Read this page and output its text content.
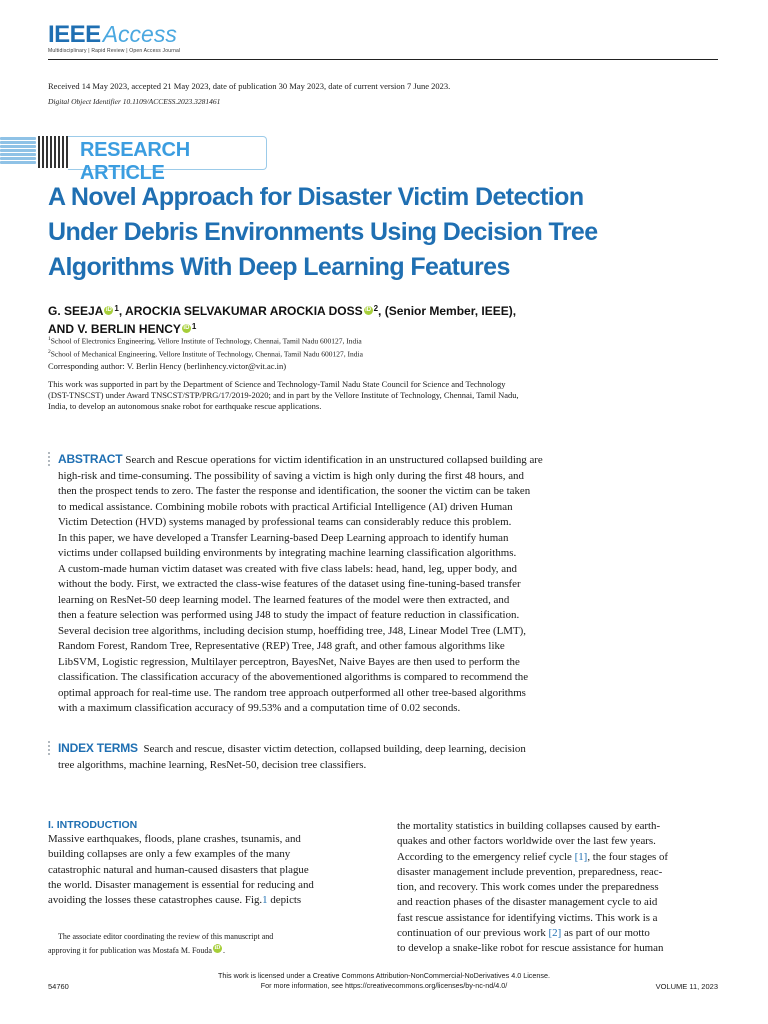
IEEEAccess
Multidisciplinary | Rapid Review | Open Access Journal
Received 14 May 2023, accepted 21 May 2023, date of publication 30 May 2023, date of current version 7 June 2023.
Digital Object Identifier 10.1109/ACCESS.2023.3281461
RESEARCH ARTICLE
A Novel Approach for Disaster Victim Detection
Under Debris Environments Using Decision Tree
Algorithms With Deep Learning Features
G. SEEJA iD $^1$, AROCKIA SELVAKUMAR AROCKIA DOSS iD $^2$, (Senior Member, IEEE),
AND V. BERLIN HENCY iD $^1$
$^1$School of Electronics Engineering, Vellore Institute of Technology, Chennai, Tamil Nadu 600127, India
$^2$School of Mechanical Engineering, Vellore Institute of Technology, Chennai, Tamil Nadu 600127, India
Corresponding author: V. Berlin Hency (berlinhency.victor@vit.ac.in)
This work was supported in part by the Department of Science and Technology-Tamil Nadu State Council for Science and Technology
(DST-TNSCST) under Award TNSCST/STP/PRG/17/2019-2020; and in part by the Vellore Institute of Technology, Chennai, Tamil Nadu,
India, to develop an autonomous snake robot for earthquake rescue applications.
ABSTRACT Search and Rescue operations for victim identification in an unstructured collapsed building are
high-risk and time-consuming. The possibility of saving a victim is high only during the first 48 hours, and
then the prospect tends to zero. The faster the response and identification, the sooner the victim can be taken
to medical assistance. Combining mobile robots with practical Artificial Intelligence (AI) driven Human
Victim Detection (HVD) systems managed by professional teams can considerably reduce this problem.
In this paper, we have developed a Transfer Learning-based Deep Learning approach to identify human
victims under collapsed building environments by integrating machine learning classification algorithms.
A custom-made human victim dataset was created with five class labels: head, hand, leg, upper body, and
without the body. First, we extracted the class-wise features of the dataset using fine-tuning-based transfer
learning on ResNet-50 deep learning model. The learned features of the model were then extracted, and
then a feature selection was performed using J48 to study the impact of feature reduction in classification.
Several decision tree algorithms, including decision stump, hoeffiding tree, J48, Linear Model Tree (LMT),
Random Forest, Random Tree, Representative (REP) Tree, J48 graft, and other famous algorithms like
LibSVM, Logistic regression, Multilayer perceptron, BayesNet, Naive Bayes are then used to perform the
classification. The classification accuracy of the abovementioned algorithms is compared to recommend the
optimal approach for real-time use. The random tree approach outperformed all other tree-based algorithms
with a maximum classification accuracy of 99.53% and a computation time of 0.02 seconds.
INDEX TERMS Search and rescue, disaster victim detection, collapsed building, deep learning, decision
tree algorithms, machine learning, ResNet-50, decision tree classifiers.
I. INTRODUCTION
Massive earthquakes, floods, plane crashes, tsunamis, and
building collapses are only a few examples of the many
catastrophic natural and human-caused disasters that plague
the world. Disaster management is essential for reducing and
avoiding the losses these catastrophes cause. Fig.1 depicts
The associate editor coordinating the review of this manuscript and
approving it for publication was Mostafa M. Fouda iD .
the mortality statistics in building collapses caused by earth-
quakes and other factors worldwide over the last few years.
According to the emergency relief cycle [1], the four stages of
disaster management include prevention, preparedness, reac-
tion, and recovery. This work comes under the preparedness
and reaction phases of the disaster management cycle to aid
fast rescue assistance for identifying victims. This work is a
continuation of our previous work [2] as part of our motto
to develop a snake-like robot for rescue assistance for human
This work is licensed under a Creative Commons Attribution-NonCommercial-NoDerivatives 4.0 License.
For more information, see https://creativecommons.org/licenses/by-nc-nd/4.0/
54760	VOLUME 11, 2023
